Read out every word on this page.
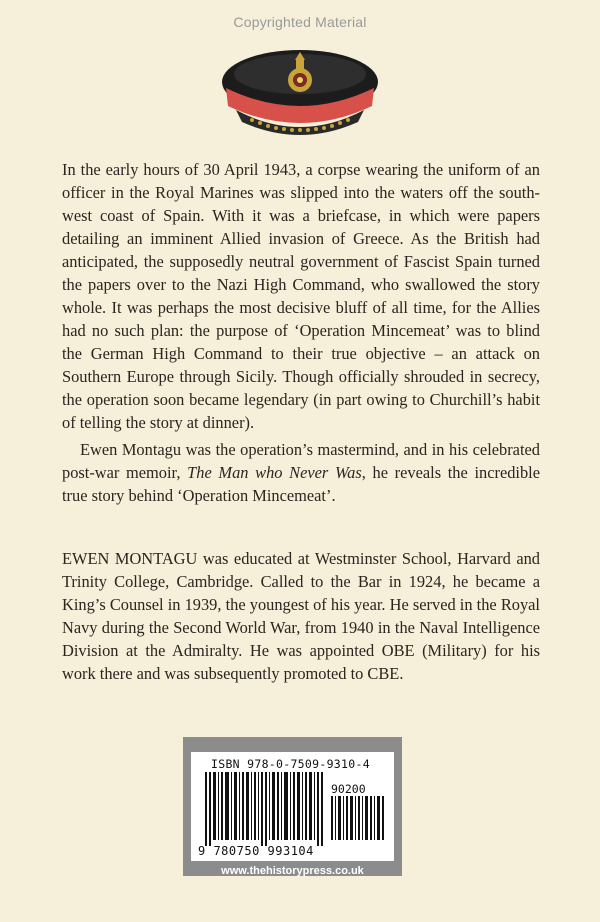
Copyrighted Material

In the early hours of 30 April 1943, a corpse wearing the uniform of an officer in the Royal Marines was slipped into the waters off the south-west coast of Spain. With it was a briefcase, in which were papers detailing an imminent Allied invasion of Greece. As the British had anticipated, the supposedly neutral government of Fascist Spain turned the papers over to the Nazi High Command, who swallowed the story whole. It was perhaps the most decisive bluff of all time, for the Allies had no such plan: the purpose of ‘Operation Mincemeat’ was to blind the German High Command to their true objective – an attack on Southern Europe through Sicily. Though officially shrouded in secrecy, the operation soon became legendary (in part owing to Churchill’s habit of telling the story at dinner).

Ewen Montagu was the operation’s mastermind, and in his celebrated post-war memoir, The Man who Never Was, he reveals the incredible true story behind ‘Operation Mincemeat’.

EWEN MONTAGU was educated at Westminster School, Harvard and Trinity College, Cambridge. Called to the Bar in 1924, he became a King’s Counsel in 1939, the youngest of his year. He served in the Royal Navy during the Second World War, from 1940 in the Naval Intelligence Division at the Admiralty. He was appointed OBE (Military) for his work there and was subsequently promoted to CBE.

ISBN 978-0-7509-9310-4
90200
9 780750 993104
www.thehistorypress.co.uk
